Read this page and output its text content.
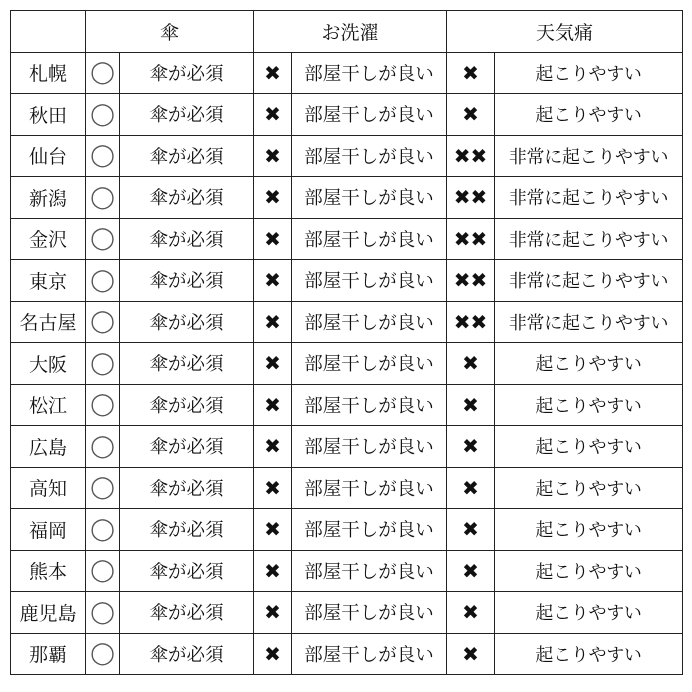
	傘		お洗濯		天気痛	
札幌	◯	傘が必須	✖	部屋干しが良い	✖	起こりやすい
秋田	◯	傘が必須	✖	部屋干しが良い	✖	起こりやすい
仙台	◯	傘が必須	✖	部屋干しが良い	✖✖	非常に起こりやすい
新潟	◯	傘が必須	✖	部屋干しが良い	✖✖	非常に起こりやすい
金沢	◯	傘が必須	✖	部屋干しが良い	✖✖	非常に起こりやすい
東京	◯	傘が必須	✖	部屋干しが良い	✖✖	非常に起こりやすい
名古屋	◯	傘が必須	✖	部屋干しが良い	✖✖	非常に起こりやすい
大阪	◯	傘が必須	✖	部屋干しが良い	✖	起こりやすい
松江	◯	傘が必須	✖	部屋干しが良い	✖	起こりやすい
広島	◯	傘が必須	✖	部屋干しが良い	✖	起こりやすい
高知	◯	傘が必須	✖	部屋干しが良い	✖	起こりやすい
福岡	◯	傘が必須	✖	部屋干しが良い	✖	起こりやすい
熊本	◯	傘が必須	✖	部屋干しが良い	✖	起こりやすい
鹿児島	◯	傘が必須	✖	部屋干しが良い	✖	起こりやすい
那覇	◯	傘が必須	✖	部屋干しが良い	✖	起こりやすい
